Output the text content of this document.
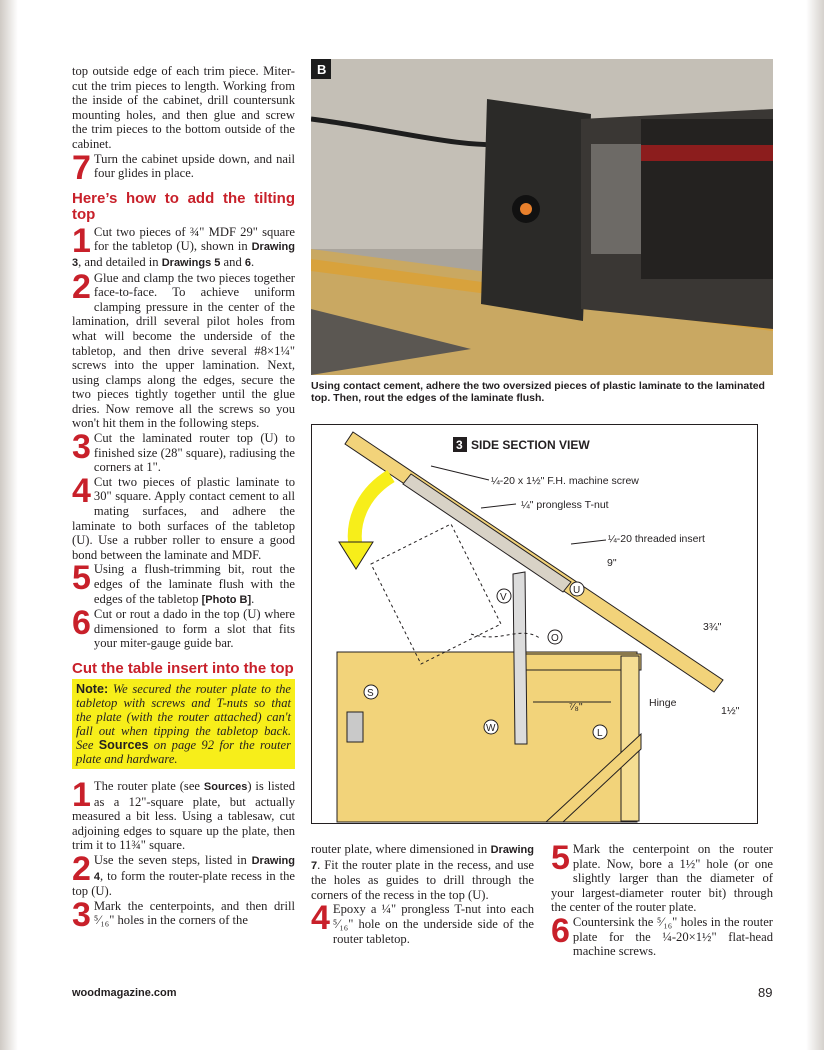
top outside edge of each trim piece. Miter-cut the trim pieces to length. Working from the inside of the cabinet, drill countersunk mounting holes, and then glue and screw the trim pieces to the bottom outside of the cabinet.

7 Turn the cabinet upside down, and nail four glides in place.

Here’s how to add the tilting top

1 Cut two pieces of ¾" MDF 29" square for the tabletop (U), shown in Drawing 3, and detailed in Drawings 5 and 6.

2 Glue and clamp the two pieces together face-to-face. To achieve uniform clamping pressure in the center of the lamination, drill several pilot holes from what will become the underside of the tabletop, and then drive several #8×1¼" screws into the upper lamination. Next, using clamps along the edges, secure the two pieces tightly together until the glue dries. Now remove all the screws so you won't hit them in the following steps.

3 Cut the laminated router top (U) to finished size (28" square), radiusing the corners at 1".

4 Cut two pieces of plastic laminate to 30" square. Apply contact cement to all mating surfaces, and adhere the laminate to both surfaces of the tabletop (U). Use a rubber roller to ensure a good bond between the laminate and MDF.

5 Using a flush-trimming bit, rout the edges of the laminate flush with the edges of the tabletop [Photo B].

6 Cut or rout a dado in the top (U) where dimensioned to form a slot that fits your miter-gauge guide bar.

Cut the table insert into the top
Note: We secured the router plate to the tabletop with screws and T-nuts so that the plate (with the router attached) can't fall out when tipping the tabletop back. See Sources on page 92 for the router plate and hardware.

1 The router plate (see Sources) is listed as a 12"-square plate, but actually measured a bit less. Using a tablesaw, cut adjoining edges to square up the plate, then trim it to 11¾" square.

2 Use the seven steps, listed in Drawing 4, to form the router-plate recess in the top (U).

3 Mark the centerpoints, and then drill ⁵⁄₁₆" holes in the corners of the

B
Using contact cement, adhere the two oversized pieces of plastic laminate to the laminated top. Then, rout the edges of the laminate flush.
3 SIDE SECTION VIEW
¼-20 x 1½" F.H. machine screw
¼" prongless T-nut
¼-20 threaded insert
9"
3¾"
⁷⁄₈"	Hinge
1½"
V
U
O
S
W	L

router plate, where dimensioned in Drawing 7. Fit the router plate in the recess, and use the holes as guides to drill through the corners of the recess in the top (U).

4 Epoxy a ¼" prongless T-nut into each ⁵⁄₁₆" hole on the underside side of the router tabletop.

5 Mark the centerpoint on the router plate. Now, bore a 1½" hole (or one slightly larger than the diameter of your largest-diameter router bit) through the center of the router plate.

6 Countersink the ⁵⁄₁₆" holes in the router plate for the ¼-20×1½" flat-head machine screws.

woodmagazine.com	89
